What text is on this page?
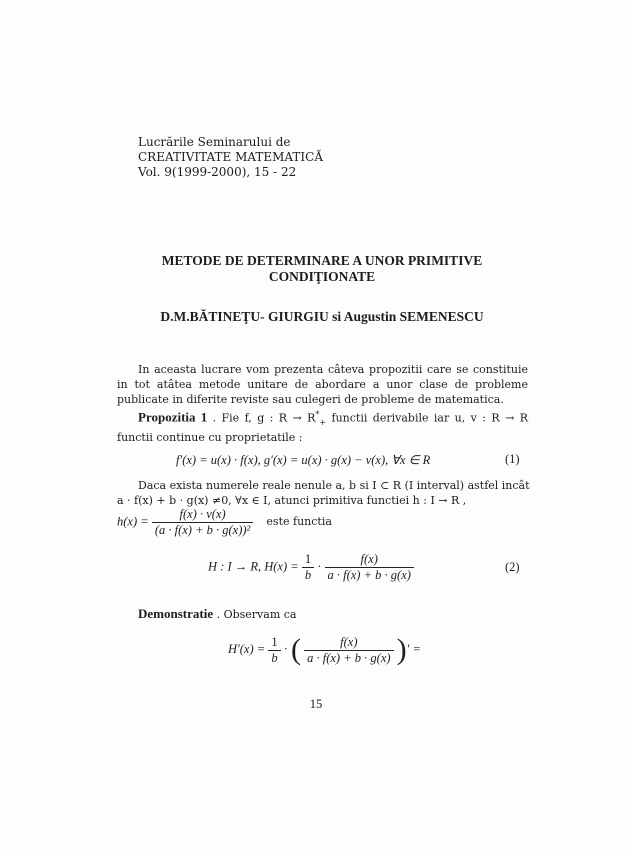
Lucrările Seminarului de
CREATIVITATE MATEMATICĂ
Vol. 9(1999-2000), 15 - 22
METODE DE DETERMINARE A UNOR PRIMITIVE
CONDIŢIONATE
D.M.BĂTINEŢU- GIURGIU si Augustin SEMENESCU
In aceasta lucrare vom prezenta câteva propozitii care se constituie in tot atâtea metode unitare de abordare a unor clase de probleme publicate in diferite reviste sau culegeri de probleme de matematica.
Propozitia 1 . Fie f, g : $R \to R^*_+$ functii derivabile iar u, v : R → R functii continue cu proprietatile :
f′(x) = u(x) · f(x), g′(x) = u(x) · g(x) − v(x), ∀x ∈ R	(1)
Daca exista numerele reale nenule a, b si I ⊂ R (I interval) astfel incât
a · f(x) + b · g(x) ≠0, ∀x ∈ I, atunci primitiva functiei h : I → R ,
$h(x) = \frac{f(x) \cdot v(x)}{\text{(a · f(x) + b · g(x))²}}$ este functia
H : I → R, $H(x) = \frac{1}{b} \cdot \frac{f(x)}{a \cdot f(x) + b \cdot g(x)}$	(2)
Demonstratie . Observam ca
$H'(x) = \frac{1}{b}$ · ( $\frac{f(x)}{a \cdot f(x) + b \cdot g(x)}$ )′ =
15
